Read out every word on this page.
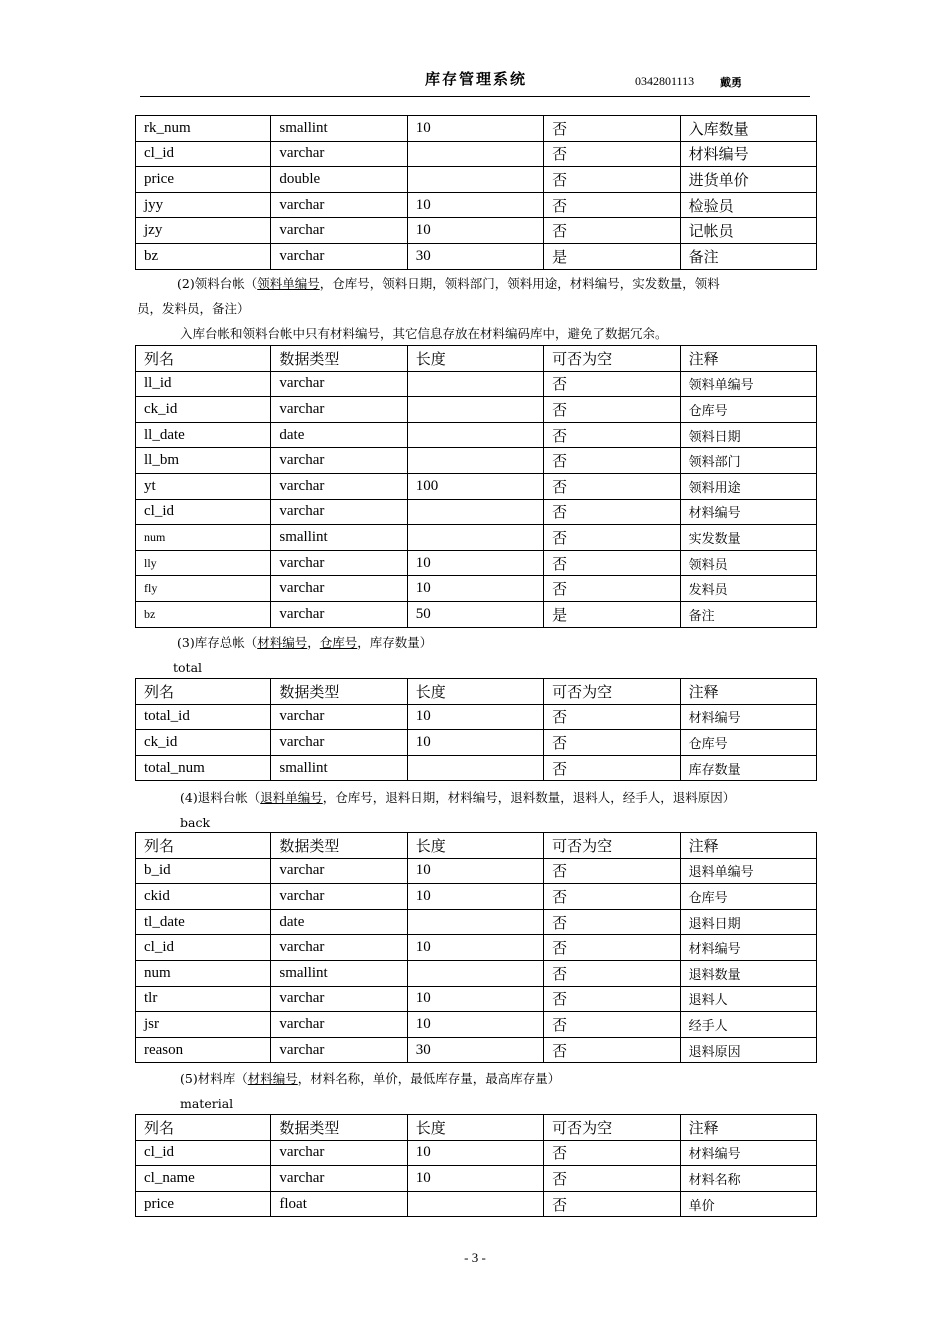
库存管理系统	0342801113 戴勇
rk_num	smallint	10	否	入库数量
cl_id	varchar		否	材料编号
price	double		否	进货单价
jyy	varchar	10	否	检验员
jzy	varchar	10	否	记帐员
bz	varchar	30	是	备注
(2)领料台帐（领料单编号，仓库号，领料日期，领料部门，领料用途，材料编号，实发数量，领料
员，发料员，备注）
入库台帐和领料台帐中只有材料编号，其它信息存放在材料编码库中，避免了数据冗余。
列名	数据类型	长度	可否为空	注释
ll_id	varchar		否	领料单编号
ck_id	varchar		否	仓库号
ll_date	date		否	领料日期
ll_bm	varchar		否	领料部门
yt	varchar	100	否	领料用途
cl_id	varchar		否	材料编号
num	smallint		否	实发数量
lly	varchar	10	否	领料员
fly	varchar	10	否	发料员
bz	varchar	50	是	备注
(3)库存总帐（材料编号，仓库号，库存数量）
total
列名	数据类型	长度	可否为空	注释
total_id	varchar	10	否	材料编号
ck_id	varchar	10	否	仓库号
total_num	smallint		否	库存数量
(4)退料台帐（退料单编号，仓库号，退料日期，材料编号，退料数量，退料人，经手人，退料原因）
back
列名	数据类型	长度	可否为空	注释
b_id	varchar	10	否	退料单编号
ckid	varchar	10	否	仓库号
tl_date	date		否	退料日期
cl_id	varchar	10	否	材料编号
num	smallint		否	退料数量
tlr	varchar	10	否	退料人
jsr	varchar	10	否	经手人
reason	varchar	30	否	退料原因
(5)材料库（材料编号，材料名称，单价，最低库存量，最高库存量）
material
列名	数据类型	长度	可否为空	注释
cl_id	varchar	10	否	材料编号
cl_name	varchar	10	否	材料名称
price	float		否	单价
- 3 -
